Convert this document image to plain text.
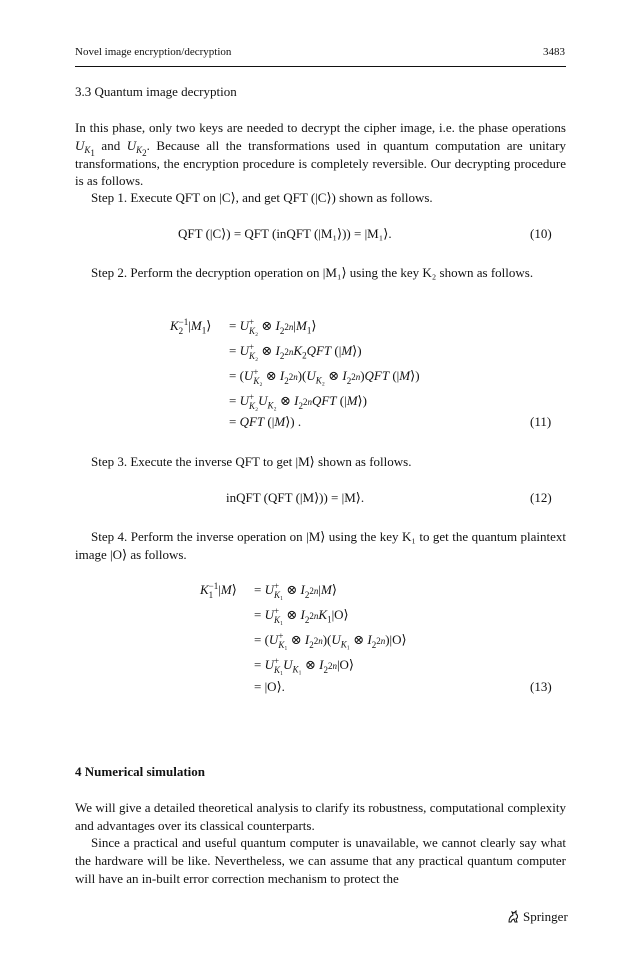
Novel image encryption/decryption	3483
3.3 Quantum image decryption
In this phase, only two keys are needed to decrypt the cipher image, i.e. the phase operations $U_{K_1}$ and $U_{K_2}$. Because all the transformations used in quantum computation are unitary transformations, the encryption procedure is completely reversible. Our decrypting procedure is as follows.
Step 1. Execute QFT on |C⟩, and get QFT (|C⟩) shown as follows.
QFT (|C⟩) = QFT (inQFT (|M₁⟩)) = |M₁⟩.	(10)
Step 2. Perform the decryption operation on |M₁⟩ using the key K₂ shown as follows.
K −1
2 $|M_1⟩ = U$ +
K₂ ⊗ $I_{2^{2n}}|M_1⟩$
= U +
K₂ ⊗ $I_{2^{2n}}K_2QFT$ (|M⟩)
= (U +
K₂ ⊗ $I_{2^{2n}})(U_{K_2}$ ⊗ $I_{2^{2n}})QFT$ (|M⟩)
= U +
K₂ $U_{K_2}$ ⊗ $I_{2^{2n}}QFT$ (|M⟩)
= QFT (|M⟩) .	(11)
Step 3. Execute the inverse QFT to get |M⟩ shown as follows.
inQFT (QFT (|M⟩)) = |M⟩.	(12)
Step 4. Perform the inverse operation on |M⟩ using the key K₁ to get the quantum plaintext image |O⟩ as follows.
K −1
1 |M⟩ = U +
K₁ ⊗ $I_{2^{2n}}|M⟩$
= U +
K₁ ⊗ $I_{2^{2n}}K_1|O⟩$
= (U +
K₁ ⊗ $I_{2^{2n}})(U_{K_1}$ ⊗ $I_{2^{2n}})|O⟩$
= U +
K₁ $U_{K_1}$ ⊗ $I_{2^{2n}}|O⟩$
= |O⟩.	(13)
4 Numerical simulation
We will give a detailed theoretical analysis to clarify its robustness, computational complexity and advantages over its classical counterparts.
Since a practical and useful quantum computer is unavailable, we cannot clearly say what the hardware will be like. Nevertheless, we can assume that any practical quantum computer will have an in-built error correction mechanism to protect the
Springer
